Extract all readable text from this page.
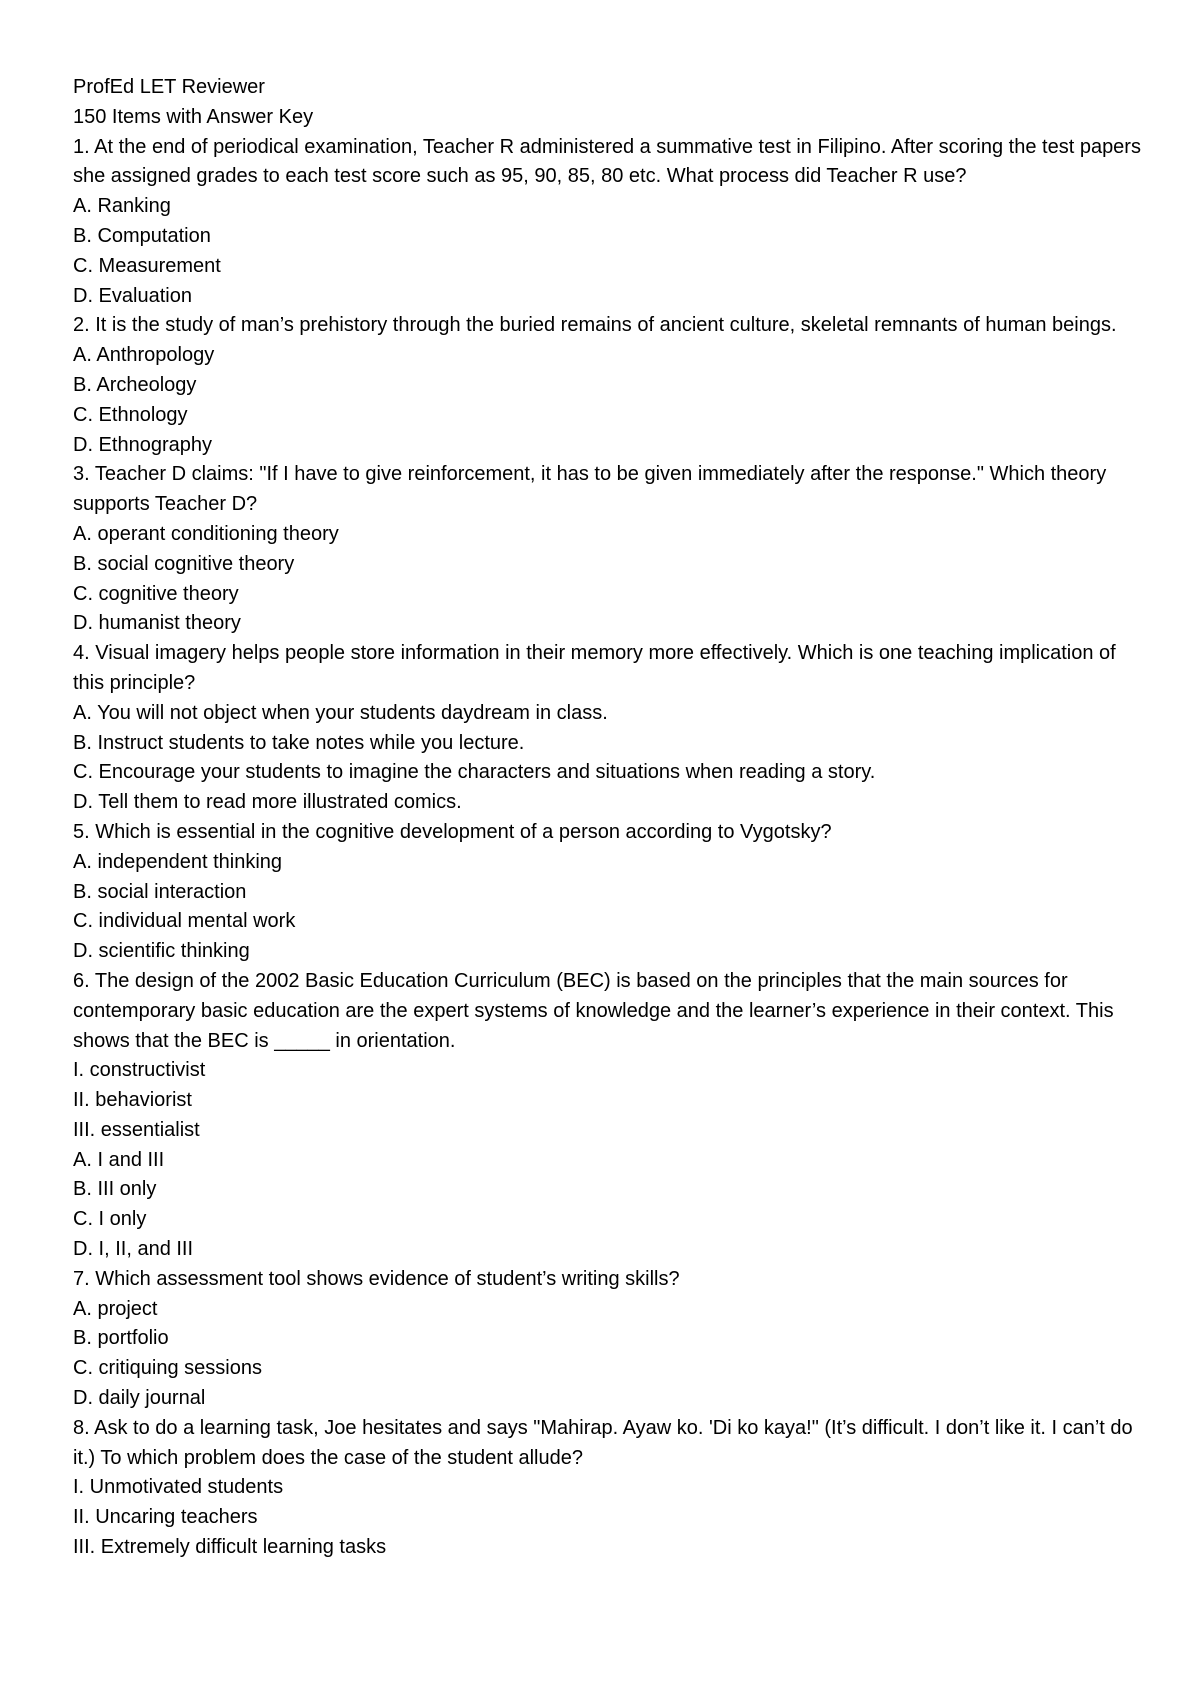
ProfEd LET Reviewer

150 Items with Answer Key

1. At the end of periodical examination, Teacher R administered a summative test in Filipino. After scoring the test papers she assigned grades to each test score such as 95, 90, 85, 80 etc. What process did Teacher R use?

A. Ranking

B. Computation

C. Measurement

D. Evaluation

2. It is the study of man’s prehistory through the buried remains of ancient culture, skeletal remnants of human beings.

A. Anthropology

B. Archeology

C. Ethnology

D. Ethnography

3. Teacher D claims: "If I have to give reinforcement, it has to be given immediately after the response." Which theory supports Teacher D?

A. operant conditioning theory

B. social cognitive theory

C. cognitive theory

D. humanist theory

4. Visual imagery helps people store information in their memory more effectively. Which is one teaching implication of this principle?

A. You will not object when your students daydream in class.

B. Instruct students to take notes while you lecture.

C. Encourage your students to imagine the characters and situations when reading a story.

D. Tell them to read more illustrated comics.

5. Which is essential in the cognitive development of a person according to Vygotsky?

A. independent thinking

B. social interaction

C. individual mental work

D. scientific thinking

6. The design of the 2002 Basic Education Curriculum (BEC) is based on the principles that the main sources for contemporary basic education are the expert systems of knowledge and the learner’s experience in their context. This shows that the BEC is _____ in orientation.

I. constructivist

II. behaviorist

III. essentialist

A. I and III

B. III only

C. I only

D. I, II, and III

7. Which assessment tool shows evidence of student’s writing skills?

A. project

B. portfolio

C. critiquing sessions

D. daily journal

8. Ask to do a learning task, Joe hesitates and says "Mahirap. Ayaw ko. 'Di ko kaya!" (It’s difficult. I don’t like it. I can’t do it.) To which problem does the case of the student allude?

I. Unmotivated students

II. Uncaring teachers

III. Extremely difficult learning tasks
